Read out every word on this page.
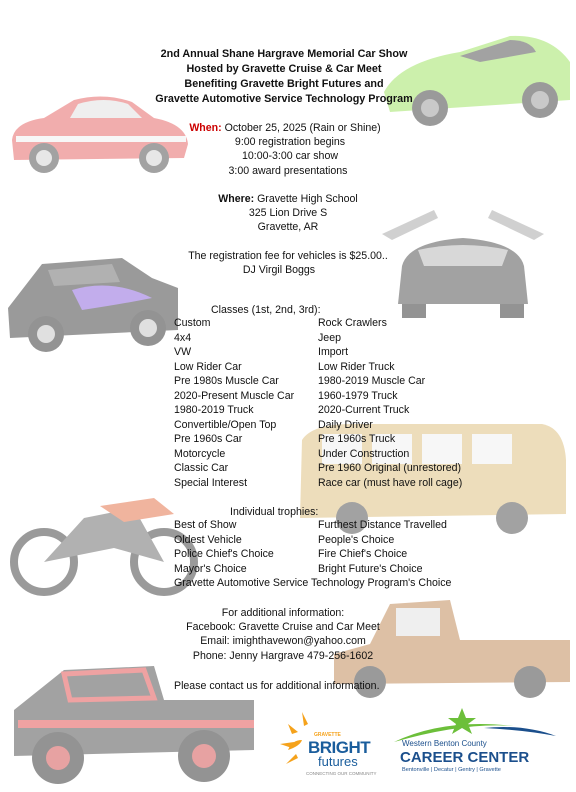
2nd Annual Shane Hargrave Memorial Car Show
Hosted by Gravette Cruise & Car Meet
Benefiting Gravette Bright Futures and
Gravette Automotive Service Technology Program
When: October 25, 2025 (Rain or Shine)
9:00 registration begins
10:00-3:00 car show
3:00 award presentations
Where: Gravette High School
325 Lion Drive S
Gravette, AR
The registration fee for vehicles is $25.00..
DJ Virgil Boggs
Classes (1st, 2nd, 3rd):
Custom
4x4
VW
Low Rider Car
Pre 1980s Muscle Car
2020-Present Muscle Car
1980-2019 Truck
Convertible/Open Top
Pre 1960s Car
Motorcycle
Classic Car
Special Interest
Rock Crawlers
Jeep
Import
Low Rider Truck
1980-2019 Muscle Car
1960-1979 Truck
2020-Current Truck
Daily Driver
Pre 1960s Truck
Under Construction
Pre 1960 Original (unrestored)
Race car (must have roll cage)
Individual trophies:
Best of Show
Oldest Vehicle
Police Chief's Choice
Mayor's Choice
Furthest Distance Travelled
People's Choice
Fire Chief's Choice
Bright Future's Choice
Gravette Automotive Service Technology Program's Choice
For additional information:
Facebook: Gravette Cruise and Car Meet
Email: imighthavewon@yahoo.com
Phone: Jenny Hargrave 479-256-1602
Please contact us for additional information.
GRAVETTE
BRIGHT
futures
CONNECTING OUR COMMUNITY
Western Benton County
CAREER CENTER
Bentonville | Decatur | Gentry | Gravette
